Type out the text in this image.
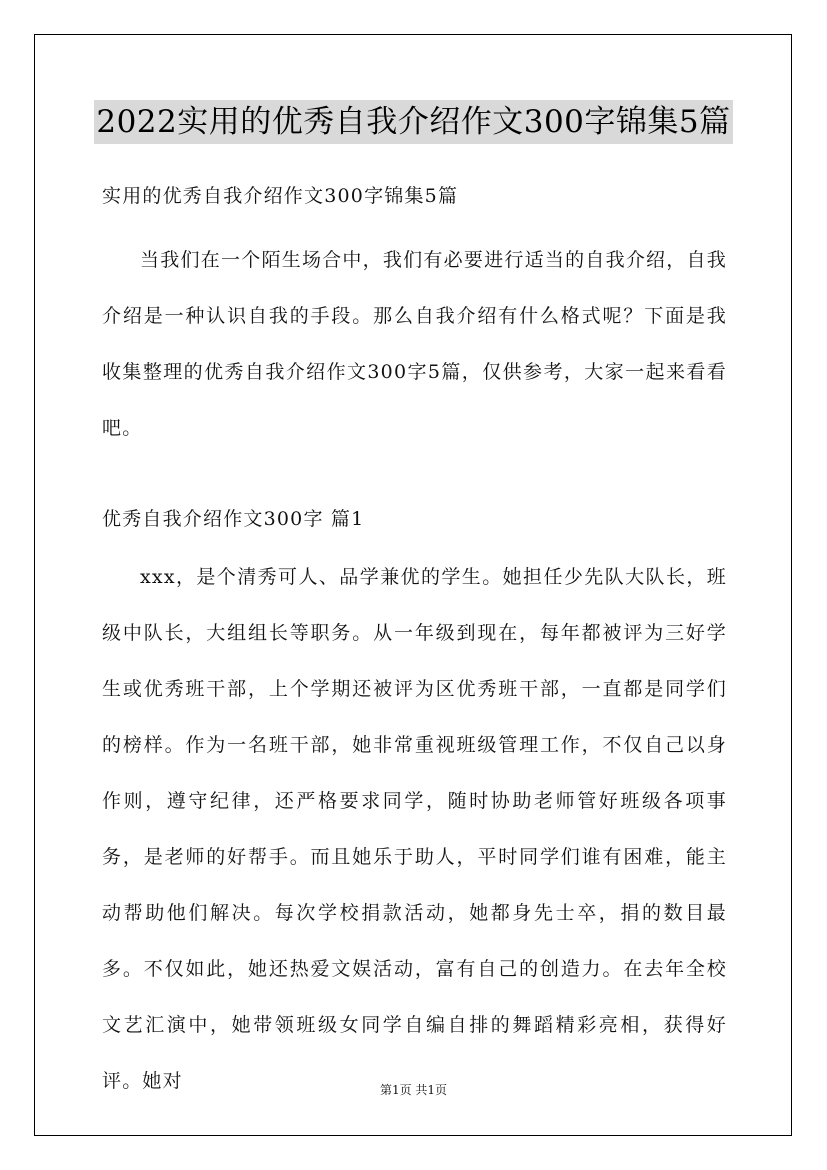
2022实用的优秀自我介绍作文300字锦集5篇
实用的优秀自我介绍作文300字锦集5篇

当我们在一个陌生场合中，我们有必要进行适当的自我介绍，自我介绍是一种认识自我的手段。那么自我介绍有什么格式呢？下面是我收集整理的优秀自我介绍作文300字5篇，仅供参考，大家一起来看看吧。

优秀自我介绍作文300字 篇1

xxx，是个清秀可人、品学兼优的学生。她担任少先队大队长，班级中队长，大组组长等职务。从一年级到现在，每年都被评为三好学生或优秀班干部，上个学期还被评为区优秀班干部，一直都是同学们的榜样。作为一名班干部，她非常重视班级管理工作，不仅自己以身作则，遵守纪律，还严格要求同学，随时协助老师管好班级各项事务，是老师的好帮手。而且她乐于助人，平时同学们谁有困难，能主动帮助他们解决。每次学校捐款活动，她都身先士卒，捐的数目最多。不仅如此，她还热爱文娱活动，富有自己的创造力。在去年全校文艺汇演中，她带领班级女同学自编自排的舞蹈精彩亮相，获得好评。她对	第1页 共1页
